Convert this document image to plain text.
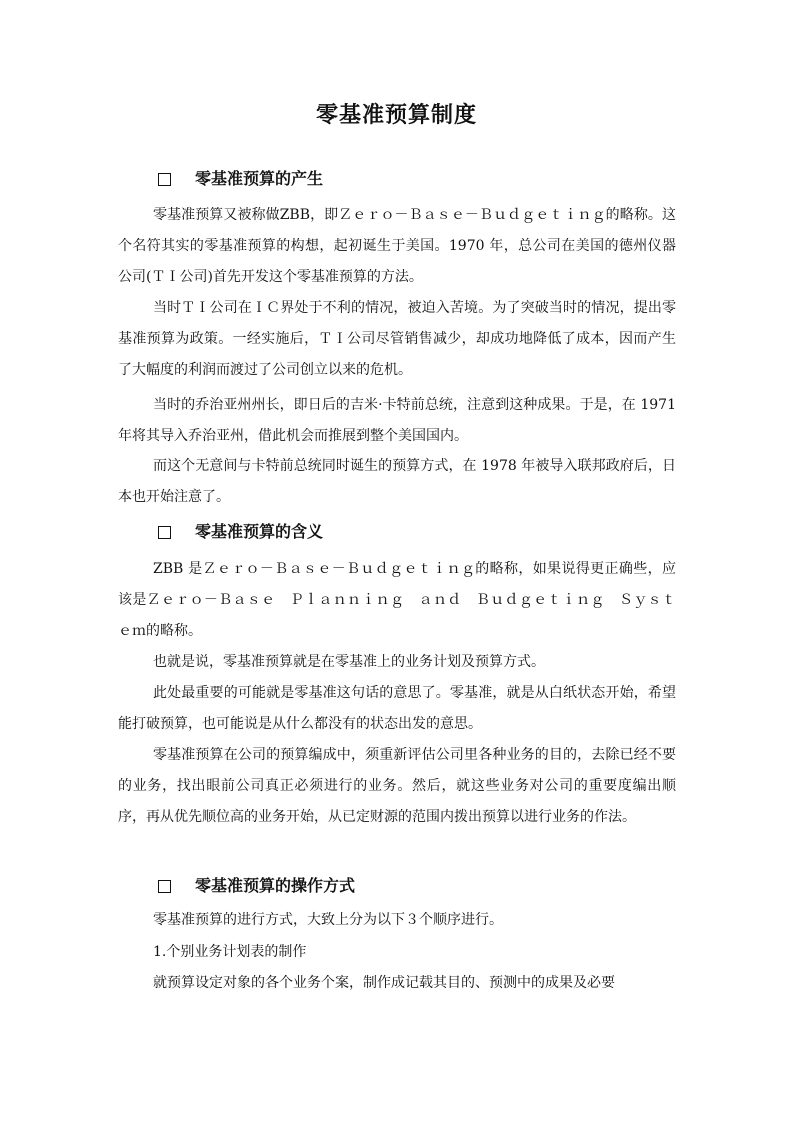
零基准预算制度
零基准预算的产生

零基准预算又被称做ZBB，即Ｚｅｒｏ－Ｂａｓｅ－Ｂｕｄｇｅｔｉｎｇ的略称。这个名符其实的零基准预算的构想，起初诞生于美国。1970 年，总公司在美国的德州仪器公司(ＴＩ公司)首先开发这个零基准预算的方法。

当时ＴＩ公司在ＩＣ界处于不利的情况，被迫入苦境。为了突破当时的情况，提出零基准预算为政策。一经实施后，ＴＩ公司尽管销售减少，却成功地降低了成本，因而产生了大幅度的利润而渡过了公司创立以来的危机。

当时的乔治亚州州长，即日后的吉米·卡特前总统，注意到这种成果。于是，在 1971 年将其导入乔治亚州，借此机会而推展到整个美国国内。

而这个无意间与卡特前总统同时诞生的预算方式，在 1978 年被导入联邦政府后，日本也开始注意了。

零基准预算的含义

ZBB 是Ｚｅｒｏ－Ｂａｓｅ－Ｂｕｄｇｅｔｉｎｇ的略称，如果说得更正确些，应该是Ｚｅｒｏ－Ｂａｓｅ　Ｐｌａｎｎｉｎｇ　ａｎｄ　Ｂｕｄｇｅｔｉｎｇ　Ｓｙｓｔｅｍ的略称。

也就是说，零基准预算就是在零基准上的业务计划及预算方式。

此处最重要的可能就是零基准这句话的意思了。零基准，就是从白纸状态开始，希望能打破预算，也可能说是从什么都没有的状态出发的意思。

零基准预算在公司的预算编成中，须重新评估公司里各种业务的目的，去除已经不要的业务，找出眼前公司真正必须进行的业务。然后，就这些业务对公司的重要度编出顺序，再从优先顺位高的业务开始，从已定财源的范围内拨出预算以进行业务的作法。

零基准预算的操作方式

零基准预算的进行方式，大致上分为以下３个顺序进行。

1.个别业务计划表的制作

就预算设定对象的各个业务个案，制作成记载其目的、预测中的成果及必要
